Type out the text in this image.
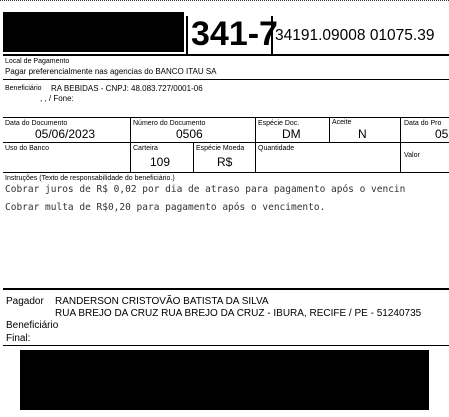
341-7
34191.09008 01075.39
Local de Pagamento
Pagar preferencialmente nas agencias do BANCO ITAU SA
Beneficiário RA BEBIDAS - CNPJ: 48.083.727/0001-06
, , / Fone:
Data do Documento
05/06/2023
Número do Documento
0506
Espécie Doc.
DM
Aceite
N
Data do Pro
05
Uso do Banco	Carteira
109
Espécie Moeda
R$
Quantidade
Valor
Instruções (Texto de responsabilidade do beneficiário.)
Cobrar juros de R$ 0,02 por dia de atraso para pagamento após o vencin
Cobrar multa de R$0,20 para pagamento após o vencimento.
Pagador RANDERSON CRISTOVÃO BATISTA DA SILVA
RUA BREJO DA CRUZ RUA BREJO DA CRUZ - IBURA, RECIFE / PE - 51240735
Beneficiário
Final:
